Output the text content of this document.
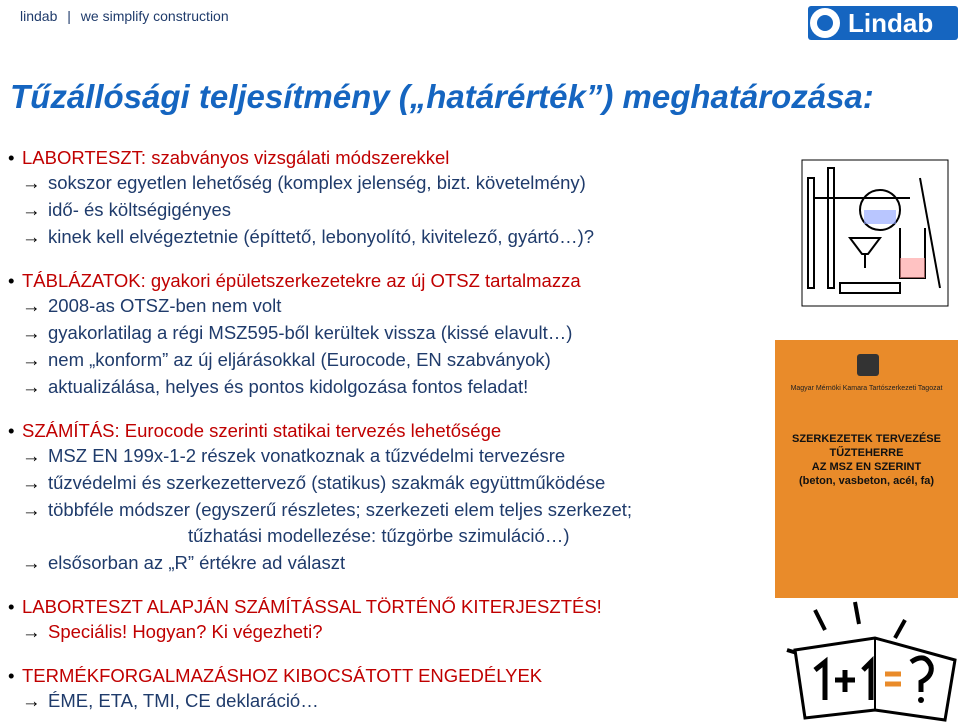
lindab | we simplify construction	Lindab
Tűzállósági teljesítmény („határérték”) meghatározása:
• LABORTESZT: szabványos vizsgálati módszerekkel
→ sokszor egyetlen lehetőség (komplex jelenség, bizt. követelmény)
→ idő- és költségigényes
→ kinek kell elvégeztetnie (építtető, lebonyolító, kivitelező, gyártó…)?
• TÁBLÁZATOK: gyakori épületszerkezetekre az új OTSZ tartalmazza
→ 2008-as OTSZ-ben nem volt
→ gyakorlatilag a régi MSZ595-ből kerültek vissza (kissé elavult…)
→ nem „konform” az új eljárásokkal (Eurocode, EN szabványok)
→ aktualizálása, helyes és pontos kidolgozása fontos feladat!
• SZÁMÍTÁS: Eurocode szerinti statikai tervezés lehetősége
→ MSZ EN 199x-1-2 részek vonatkoznak a tűzvédelmi tervezésre
→ tűzvédelmi és szerkezettervező (statikus) szakmák együttműködése
→ többféle módszer (egyszerű részletes; szerkezeti elem teljes szerkezet;
tűzhatási modellezése: tűzgörbe szimuláció…)
→ elsősorban az „R” értékre ad választ
• LABORTESZT ALAPJÁN SZÁMÍTÁSSAL TÖRTÉNŐ KITERJESZTÉS!
→ Speciális! Hogyan? Ki végezheti?
• TERMÉKFORGALMAZÁSHOZ KIBOCSÁTOTT ENGEDÉLYEK
→ ÉME, ETA, TMI, CE deklaráció…
Magyar Mérnöki Kamara Tartószerkezeti Tagozat
SZERKEZETEK TERVEZÉSE
TŰZTEHERRE
AZ MSZ EN SZERINT
(beton, vasbeton, acél, fa)
